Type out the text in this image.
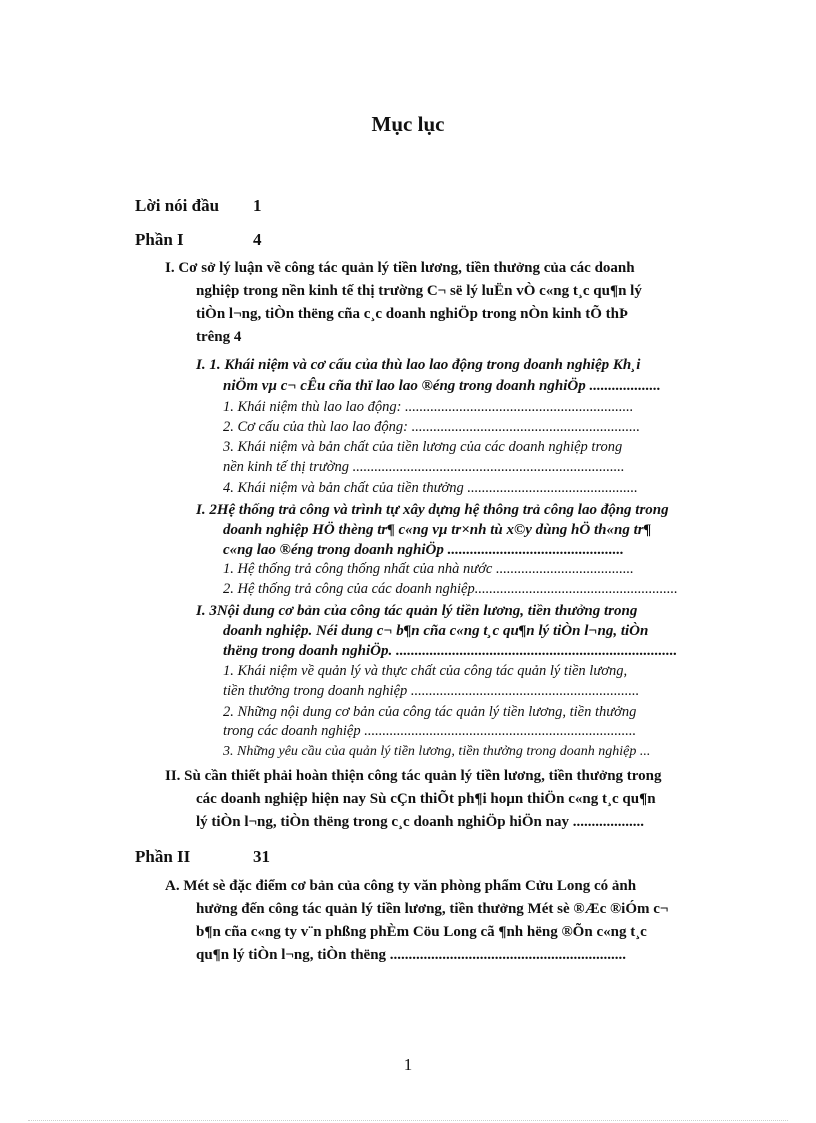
Mục lục
Lời nói đầu 1
Phần I	4
Phần II	31
I. Cơ sở lý luận về công tác quản lý tiền lương, tiền thưởng của các doanh
nghiệp trong nền kinh tế thị trường C¬ së lý luËn vÒ c«ng t¸c qu¶n lý
tiÒn l¬ng, tiÒn thëng cña c¸c doanh nghiÖp trong nÒn kinh tÕ thÞ
trêng 4
I. 1. Khái niệm và cơ cấu của thù lao lao động trong doanh nghiệp Kh¸i
niÖm vµ c¬ cÊu cña thï lao lao ®éng trong doanh nghiÖp ...................
1. Khái niệm thù lao lao động: ...............................................................
2. Cơ cấu của thù lao lao động: ...............................................................
3. Khái niệm và bản chất của tiền lương của các doanh nghiệp trong
nền kinh tế thị trường ...........................................................................
4. Khái niệm và bản chất của tiền thưởng ...............................................
I. 2Hệ thống trả công và trình tự xây dựng hệ thông trả công lao động trong
doanh nghiệp HÖ thèng tr¶ c«ng vµ tr×nh tù x©y dùng hÖ th«ng tr¶
c«ng lao ®éng trong doanh nghiÖp ...............................................
1. Hệ thống trả công thống nhất của nhà nước ......................................
2. Hệ thống trả công của các doanh nghiệp........................................................
I. 3Nội dung cơ bản của công tác quản lý tiền lương, tiền thưởng trong
doanh nghiệp. Néi dung c¬ b¶n cña c«ng t¸c qu¶n lý tiÒn l¬ng, tiÒn
thëng trong doanh nghiÖp. ...........................................................................
1. Khái niệm về quản lý và thực chất của công tác quản lý tiền lương,
tiền thưởng trong doanh nghiệp ...............................................................
2. Những nội dung cơ bản của công tác quản lý tiền lương, tiền thưởng
trong các doanh nghiệp ...........................................................................
3. Những yêu cầu của quản lý tiền lương, tiền thưởng trong doanh nghiệp ...
II. Sù cần thiết phải hoàn thiện công tác quản lý tiền lương, tiền thưởng trong
các doanh nghiệp hiện nay Sù cÇn thiÕt ph¶i hoµn thiÖn c«ng t¸c qu¶n
lý tiÒn l¬ng, tiÒn thëng trong c¸c doanh nghiÖp hiÖn nay ...................
A. Mét sè đặc điểm cơ bản của công ty văn phòng phẩm Cửu Long có ảnh
hưởng đến công tác quản lý tiền lương, tiền thưởng Mét sè ®Æc ®iÓm c¬
b¶n cña c«ng ty v¨n phßng phÈm Cöu Long cã ¶nh hëng ®Õn c«ng t¸c
qu¶n lý tiÒn l¬ng, tiÒn thëng ...............................................................
1
